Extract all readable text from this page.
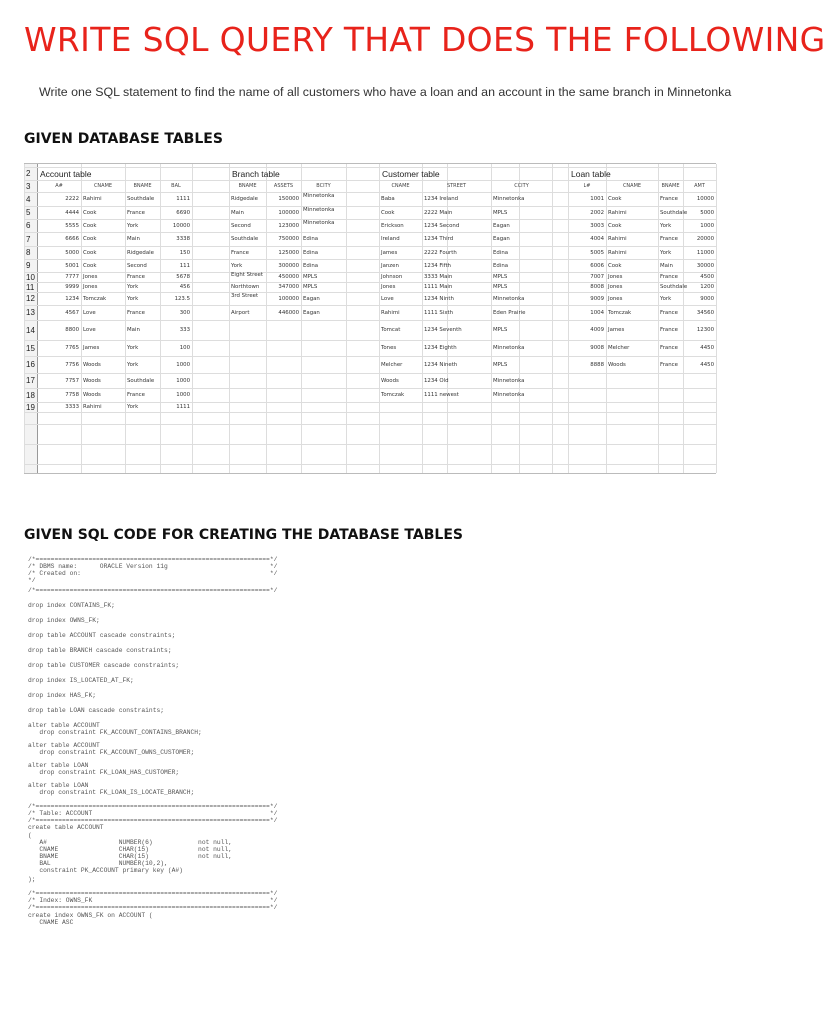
WRITE SQL QUERY THAT DOES THE FOLLOWING
Write one SQL statement to find the name of all customers who have a loan and an account in the same branch in Minnetonka
GIVEN DATABASE TABLES
2
3
4
5
6
7
8
9
10
11
12
13
14
15
16
17
18
19
Account table
A#	CNAME	BNAME	BAL
2222 Rahimi	Southdale	1111
4444 Cook	France	6690
5555 Cook	York	10000
6666 Cook	Main	3338
5000 Cook	Ridgedale	150
5001 Cook	Second	111
7777 Jones	France	5678
9999 Jones	York	456
1234 Tomczak	York	123.5
4567 Love	France	300
8800 Love	Main	333
7765 James	York	100
7756 Woods	York	1000
7757 Woods	Southdale	1000
7758 Woods	France	1000
3333 Rahimi	York	1111
Branch table
BNAME	ASSETS	BCITY
Ridgedale	150000 Minnetonka
Main	100000 Minnetonka
Second	123000 Minnetonka
Southdale	750000 Edina
France	125000 Edina
York	300000 Edina
Eight Street	450000 MPLS
Northtown	347000 MPLS
3rd Street	100000 Eagan
Airport	446000 Eagan
Customer table
CNAME	STREET	CCITY
Baba	1234 Ireland	Minnetonka
Cook	2222 Main	MPLS
Erickson	1234 Second	Eagan
Ireland	1234 Third	Eagan
James	2222 Fourth	Edina
Janzen	1234 Fifth	Edina
Johnson	3333 Main	MPLS
Jones	1111 Main	MPLS
Love	1234 Ninth	Minnetonka
Rahimi	1111 Sixth	Eden Prairie
Tomcat	1234 Seventh	MPLS
Tones	1234 Eighth	Minnetonka
Melcher	1234 Nineth	MPLS
Woods	1234 Old	Minnetonka
Tomczak	1111 newest	Minnetonka
Loan table
L#	CNAME	BNAME	AMT
1001 Cook	France	10000
2002 Rahimi	Southdale	5000
3003 Cook	York	1000
4004 Rahimi	France	20000
5005 Rahimi	York	11000
6006 Cook	Main	30000
7007 Jones	France	4500
8008 Jones	Southdale	1200
9009 Jones	York	9000
1004 Tomczak	France	34560
4009 James	France	12300
9008 Melcher	France	4450
8888 Woods	France	4450
GIVEN SQL CODE FOR CREATING THE DATABASE TABLES
/*==============================================================*/
/* DBMS name:      ORACLE Version 11g                           */
/* Created on:                                                  */
*/
/*==============================================================*/
drop index CONTAINS_FK;
drop index OWNS_FK;
drop table ACCOUNT cascade constraints;
drop table BRANCH cascade constraints;
drop table CUSTOMER cascade constraints;
drop index IS_LOCATED_AT_FK;
drop index HAS_FK;
drop table LOAN cascade constraints;
alter table ACCOUNT
drop constraint FK_ACCOUNT_CONTAINS_BRANCH;
alter table ACCOUNT
drop constraint FK_ACCOUNT_OWNS_CUSTOMER;
alter table LOAN
drop constraint FK_LOAN_HAS_CUSTOMER;
alter table LOAN
drop constraint FK_LOAN_IS_LOCATE_BRANCH;
/*==============================================================*/
/* Table: ACCOUNT                                               */
/*==============================================================*/
create table ACCOUNT
(
A#                   NUMBER(6)            not null,
CNAME                CHAR(15)             not null,
BNAME                CHAR(15)             not null,
BAL                  NUMBER(10,2),
constraint PK_ACCOUNT primary key (A#)
);
/*==============================================================*/
/* Index: OWNS_FK                                               */
/*==============================================================*/
create index OWNS_FK on ACCOUNT (
CNAME ASC
